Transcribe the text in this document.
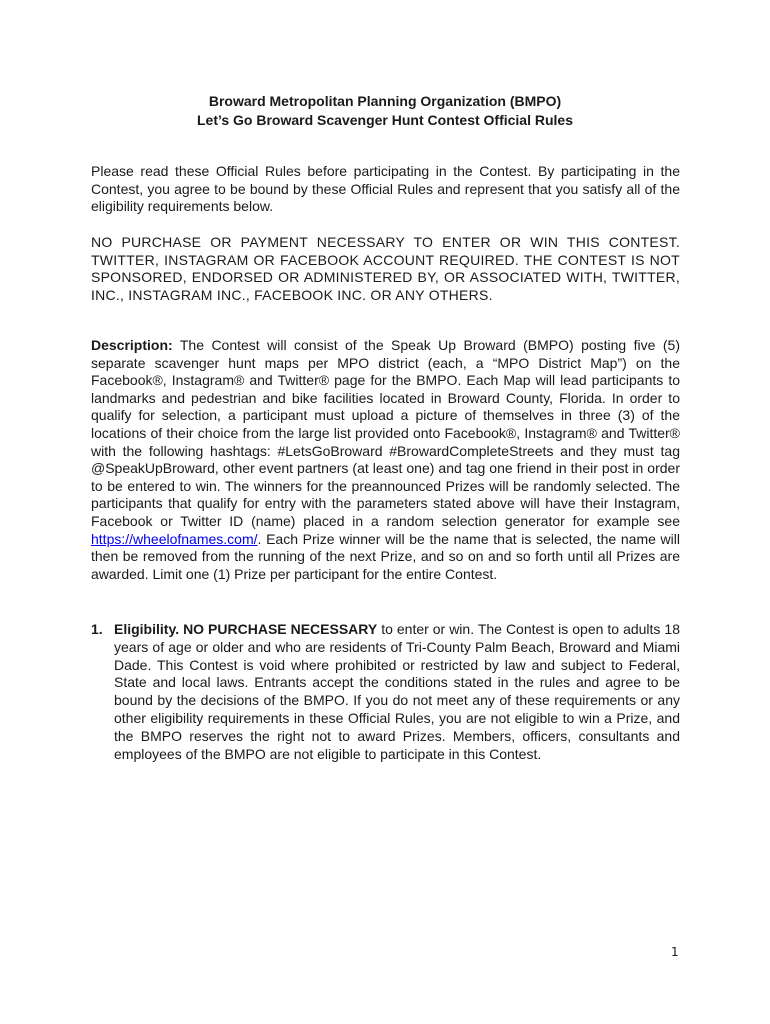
Broward Metropolitan Planning Organization (BMPO)
Let’s Go Broward Scavenger Hunt Contest Official Rules

Please read these Official Rules before participating in the Contest. By participating in the Contest, you agree to be bound by these Official Rules and represent that you satisfy all of the eligibility requirements below.

NO PURCHASE OR PAYMENT NECESSARY TO ENTER OR WIN THIS CONTEST. TWITTER, INSTAGRAM OR FACEBOOK ACCOUNT REQUIRED. THE CONTEST IS NOT SPONSORED, ENDORSED OR ADMINISTERED BY, OR ASSOCIATED WITH, TWITTER, INC., INSTAGRAM INC., FACEBOOK INC. OR ANY OTHERS.

Description: The Contest will consist of the Speak Up Broward (BMPO) posting five (5) separate scavenger hunt maps per MPO district (each, a “MPO District Map”) on the Facebook®, Instagram® and Twitter® page for the BMPO. Each Map will lead participants to landmarks and pedestrian and bike facilities located in Broward County, Florida. In order to qualify for selection, a participant must upload a picture of themselves in three (3) of the locations of their choice from the large list provided onto Facebook®, Instagram® and Twitter® with the following hashtags: #LetsGoBroward #BrowardCompleteStreets and they must tag @SpeakUpBroward, other event partners (at least one) and tag one friend in their post in order to be entered to win. The winners for the preannounced Prizes will be randomly selected. The participants that qualify for entry with the parameters stated above will have their Instagram, Facebook or Twitter ID (name) placed in a random selection generator for example see https://wheelofnames.com/. Each Prize winner will be the name that is selected, the name will then be removed from the running of the next Prize, and so on and so forth until all Prizes are awarded. Limit one (1) Prize per participant for the entire Contest.

1. Eligibility. NO PURCHASE NECESSARY to enter or win. The Contest is open to adults 18 years of age or older and who are residents of Tri-County Palm Beach, Broward and Miami Dade. This Contest is void where prohibited or restricted by law and subject to Federal, State and local laws. Entrants accept the conditions stated in the rules and agree to be bound by the decisions of the BMPO. If you do not meet any of these requirements or any other eligibility requirements in these Official Rules, you are not eligible to win a Prize, and the BMPO reserves the right not to award Prizes. Members, officers, consultants and employees of the BMPO are not eligible to participate in this Contest.
1
